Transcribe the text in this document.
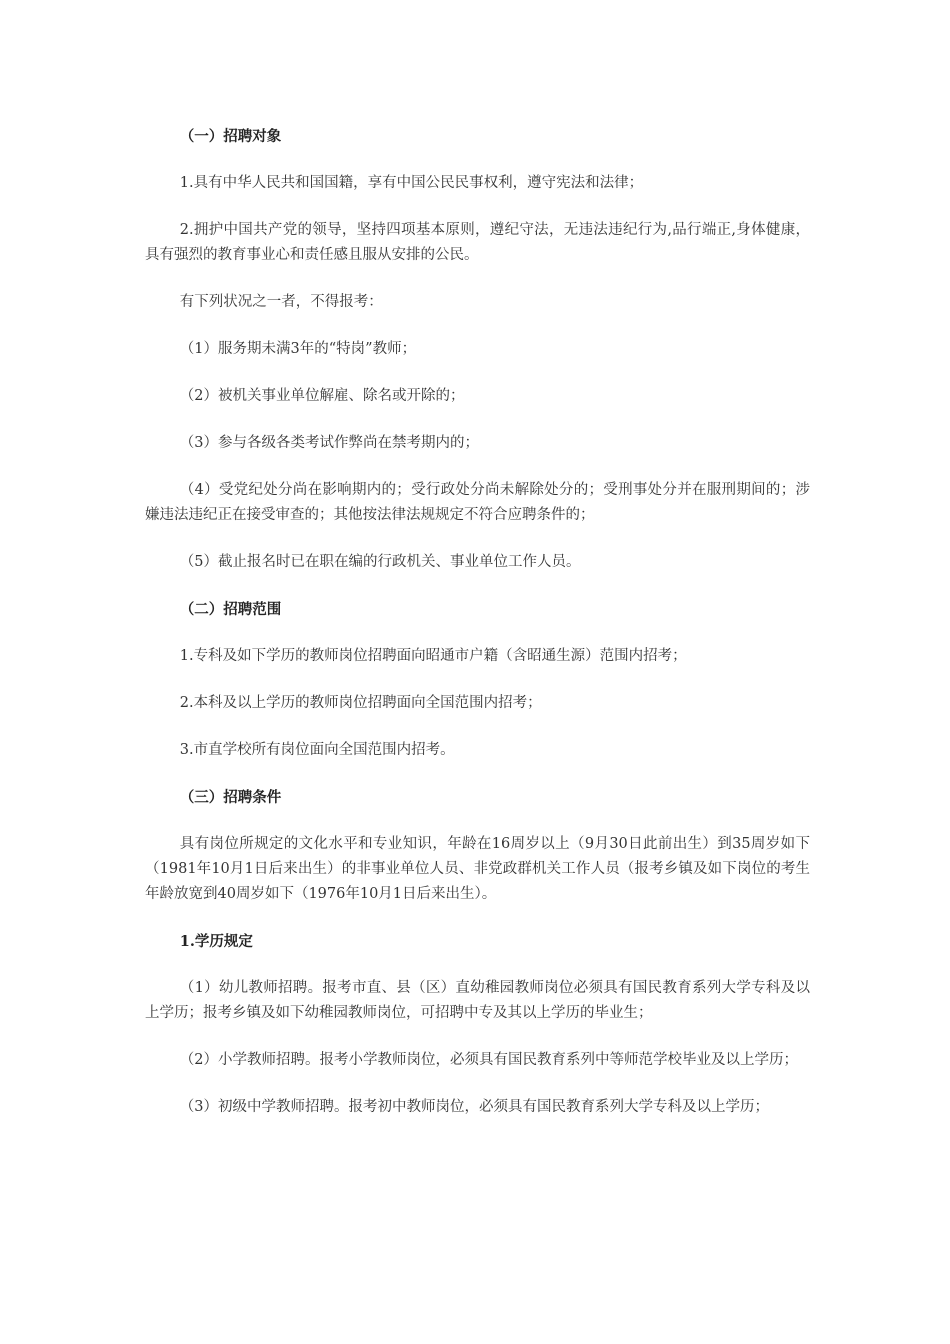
（一）招聘对象

1.具有中华人民共和国国籍，享有中国公民民事权利，遵守宪法和法律；

2.拥护中国共产党的领导，坚持四项基本原则，遵纪守法，无违法违纪行为,品行端正,身体健康，具有强烈的教育事业心和责任感且服从安排的公民。

有下列状况之一者，不得报考：

（1）服务期未满3年的“特岗”教师；

（2）被机关事业单位解雇、除名或开除的；

（3）参与各级各类考试作弊尚在禁考期内的；

（4）受党纪处分尚在影响期内的；受行政处分尚未解除处分的；受刑事处分并在服刑期间的；涉嫌违法违纪正在接受审查的；其他按法律法规规定不符合应聘条件的；

（5）截止报名时已在职在编的行政机关、事业单位工作人员。

（二）招聘范围

1.专科及如下学历的教师岗位招聘面向昭通市户籍（含昭通生源）范围内招考；

2.本科及以上学历的教师岗位招聘面向全国范围内招考；

3.市直学校所有岗位面向全国范围内招考。

（三）招聘条件

具有岗位所规定的文化水平和专业知识，年龄在16周岁以上（9月30日此前出生）到35周岁如下（1981年10月1日后来出生）的非事业单位人员、非党政群机关工作人员（报考乡镇及如下岗位的考生年龄放宽到40周岁如下（1976年10月1日后来出生）。

1.学历规定

（1）幼儿教师招聘。报考市直、县（区）直幼稚园教师岗位必须具有国民教育系列大学专科及以上学历；报考乡镇及如下幼稚园教师岗位，可招聘中专及其以上学历的毕业生；

（2）小学教师招聘。报考小学教师岗位，必须具有国民教育系列中等师范学校毕业及以上学历；

（3）初级中学教师招聘。报考初中教师岗位，必须具有国民教育系列大学专科及以上学历；
